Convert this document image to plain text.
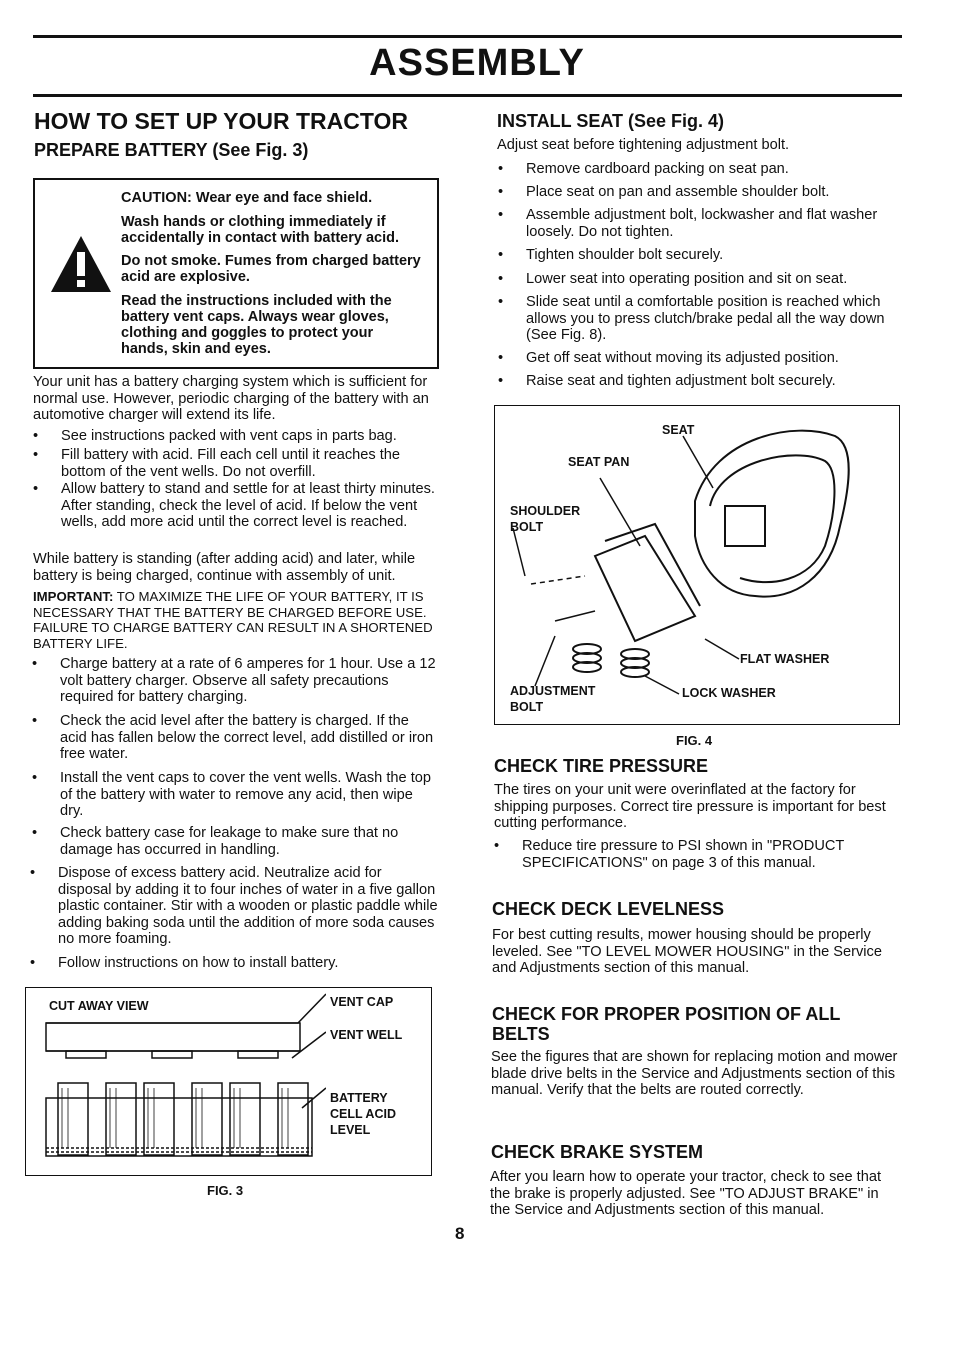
ASSEMBLY
HOW TO SET UP YOUR TRACTOR
PREPARE BATTERY (See Fig. 3)
CAUTION: Wear eye and face shield.
Wash hands or clothing immediately if accidentally in contact with battery acid.
Do not smoke. Fumes from charged battery acid are explosive.
Read the instructions included with the battery vent caps. Always wear gloves, clothing and goggles to protect your hands, skin and eyes.
Your unit has a battery charging system which is sufficient for normal use. However, periodic charging of the battery with an automotive charger will extend its life.
• See instructions packed with vent caps in parts bag.
• Fill battery with acid. Fill each cell until it reaches the bottom of the vent wells. Do not overfill.
• Allow battery to stand and settle for at least thirty minutes. After standing, check the level of acid. If below the vent wells, add more acid until the correct level is reached.
While battery is standing (after adding acid) and later, while battery is being charged, continue with assembly of unit.
IMPORTANT: TO MAXIMIZE THE LIFE OF YOUR BATTERY, IT IS NECESSARY THAT THE BATTERY BE CHARGED BEFORE USE. FAILURE TO CHARGE BATTERY CAN RESULT IN A SHORTENED BATTERY LIFE.
• Charge battery at a rate of 6 amperes for 1 hour. Use a 12 volt battery charger. Observe all safety precautions required for battery charging.
• Check the acid level after the battery is charged. If the acid has fallen below the correct level, add distilled or iron free water.
• Install the vent caps to cover the vent wells. Wash the top of the battery with water to remove any acid, then wipe dry.
• Check battery case for leakage to make sure that no damage has occurred in handling.
• Dispose of excess battery acid. Neutralize acid for disposal by adding it to four inches of water in a five gallon plastic container. Stir with a wooden or plastic paddle while adding baking soda until the addition of more soda causes no more foaming.
• Follow instructions on how to install battery.
CUT AWAY VIEW	VENT CAP
VENT WELL
BATTERY CELL ACID LEVEL
FIG. 3
INSTALL SEAT (See Fig. 4)
Adjust seat before tightening adjustment bolt.
• Remove cardboard packing on seat pan.
• Place seat on pan and assemble shoulder bolt.
• Assemble adjustment bolt, lockwasher and flat washer loosely. Do not tighten.
• Tighten shoulder bolt securely.
• Lower seat into operating position and sit on seat.
• Slide seat until a comfortable position is reached which allows you to press clutch/brake pedal all the way down (See Fig. 8).
• Get off seat without moving its adjusted position.
• Raise seat and tighten adjustment bolt securely.
SEAT
SEAT PAN
SHOULDER BOLT
FLAT WASHER
LOCK WASHER
ADJUSTMENT BOLT
FIG. 4
CHECK TIRE PRESSURE
The tires on your unit were overinflated at the factory for shipping purposes. Correct tire pressure is important for best cutting performance.
• Reduce tire pressure to PSI shown in "PRODUCT SPECIFICATIONS" on page 3 of this manual.
CHECK DECK LEVELNESS
For best cutting results, mower housing should be properly leveled. See "TO LEVEL MOWER HOUSING" in the Service and Adjustments section of this manual.
CHECK FOR PROPER POSITION OF ALL BELTS
See the figures that are shown for replacing motion and mower blade drive belts in the Service and Adjustments section of this manual. Verify that the belts are routed correctly.
CHECK BRAKE SYSTEM
After you learn how to operate your tractor, check to see that the brake is properly adjusted. See "TO ADJUST BRAKE" in the Service and Adjustments section of this manual.
8
